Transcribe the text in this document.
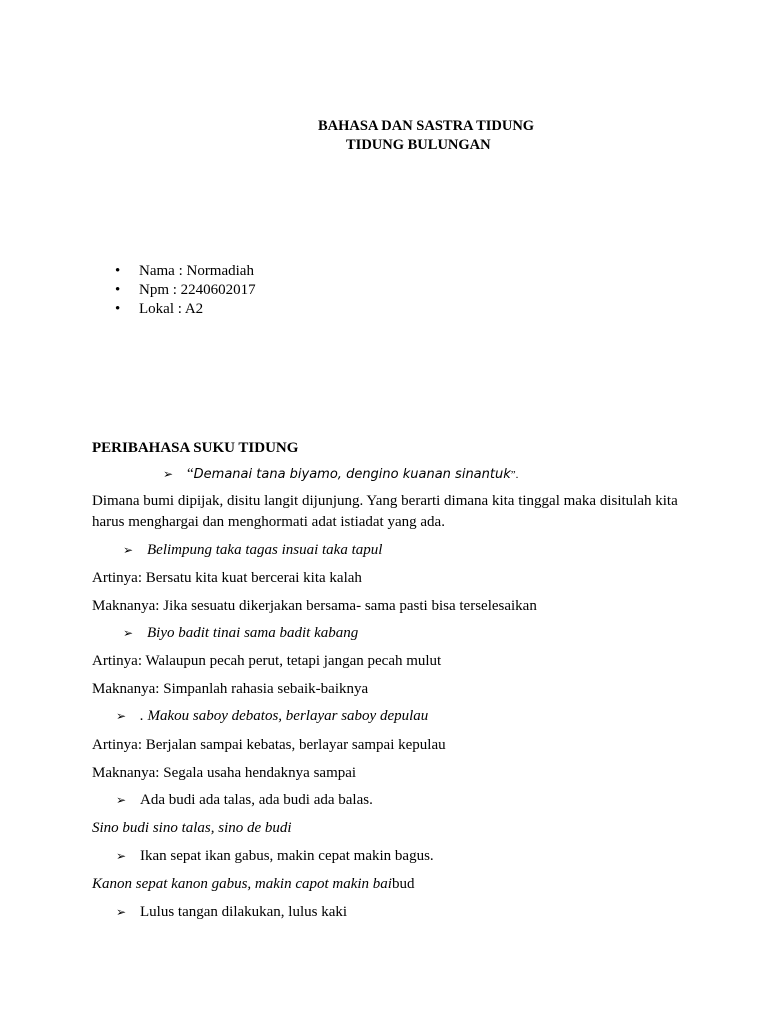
BAHASA DAN SASTRA TIDUNG

TIDUNG BULUNGAN

• Nama : Normadiah

• Npm : 2240602017

• Lokal : A2

PERIBAHASA SUKU TIDUNG

➢ “Demanai tana biyamo, dengino kuanan sinantuk”.

Dimana bumi dipijak, disitu langit dijunjung. Yang berarti dimana kita tinggal maka disitulah kita harus menghargai dan menghormati adat istiadat yang ada.

➢ Belimpung taka tagas insuai taka tapul

Artinya: Bersatu kita kuat bercerai kita kalah

Maknanya: Jika sesuatu dikerjakan bersama- sama pasti bisa terselesaikan

➢ Biyo badit tinai sama badit kabang

Artinya: Walaupun pecah perut, tetapi jangan pecah mulut

Maknanya: Simpanlah rahasia sebaik-baiknya

➢ . Makou saboy debatos, berlayar saboy depulau

Artinya: Berjalan sampai kebatas, berlayar sampai kepulau

Maknanya: Segala usaha hendaknya sampai

➢ Ada budi ada talas, ada budi ada balas.

Sino budi sino talas, sino de budi

➢ Ikan sepat ikan gabus, makin cepat makin bagus.

Kanon sepat kanon gabus, makin capot makin baibud

➢ Lulus tangan dilakukan, lulus kaki
